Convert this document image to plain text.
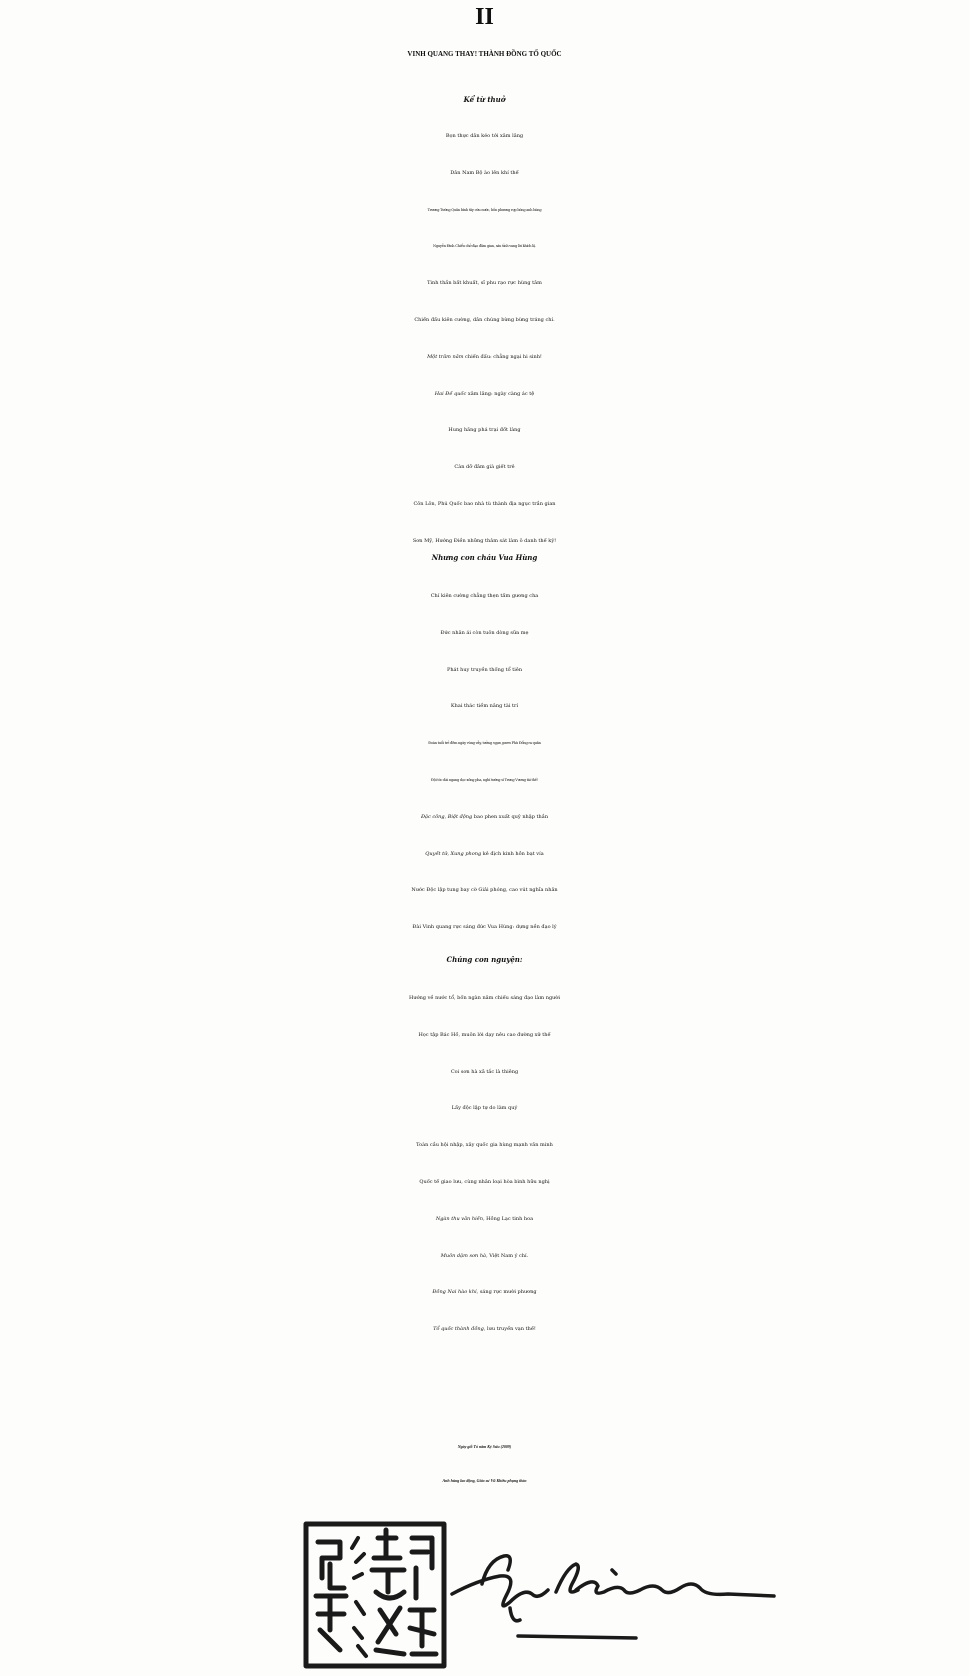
II
VINH QUANG THAY! THÀNH ĐỒNG TỔ QUỐC
Kể từ thuở
Bọn thực dân kéo tới xâm lăng
Dân Nam Bộ ào lên khí thế
Trương Tướng Quân bình tây cứu nước, bốn phương rợp bóng anh hùng
Nguyễn Đình Chiểu chở đạo đâm gian, sáu tỉnh vang lời khích lệ.
Tinh thần bất khuất, sĩ phu rạo rực hùng tâm
Chiến đấu kiên cường, dân chúng bừng bừng tráng chí.
Một trăm năm chiến đấu: chẳng ngại hi sinh!
Hai Đế quốc xâm lăng: ngày càng ác tệ
Hung hăng phá trại đốt làng
Càn dỡ đâm già giết trẻ
Côn Lôn, Phú Quốc bao nhà tù thành địa ngục trần gian
Sơn Mỹ, Hướng Điền những thảm sát làm ô danh thế kỷ!
Nhưng con cháu Vua Hùng
Chí kiên cường chẳng thẹn tấm gương cha
Đức nhân ái còn tuôn dòng sữa mẹ
Phát huy truyền thống tổ tiên
Khai thác tiềm năng tài trí
Đoàn tuổi trẻ đêm ngày vùng vẫy, tưởng ngựa gươm Phù Đổng ra quân
Đội tóc dài ngang dọc xông pha, nghĩ tướng sĩ Trưng Vương tái thế!
Đặc công, Biệt động bao phen xuất quỷ nhập thần
Quyết tử, Xung phong kẻ địch kinh hồn bạt vía
Nước Độc lập tung bay cờ Giải phóng, cao vút nghĩa nhân
Đài Vinh quang rực sáng đức Vua Hùng: dựng nền đạo lý
Chúng con nguyện:
Hướng về nước tổ, bốn ngàn năm chiếu sáng đạo làm người
Học tập Bác Hồ, muôn lời dạy nêu cao đường xử thế
Coi sơn hà xã tắc là thiêng
Lấy độc lập tự do làm quý
Toàn cầu hội nhập, xây quốc gia hùng mạnh văn minh
Quốc tế giao lưu, cùng nhân loại hòa bình hữu nghị
Ngàn thu văn hiến, Hồng Lạc tinh hoa
Muôn dặm sơn hà, Việt Nam ý chí.
Đồng Nai hào khí, sáng rực mười phương
Tổ quốc thành đồng, lưu truyền vạn thế!
Ngày giỗ Tổ năm Kỷ Sửu (2009)
Anh hùng lao động, Giáo sư Vũ Khiêu phụng thảo
